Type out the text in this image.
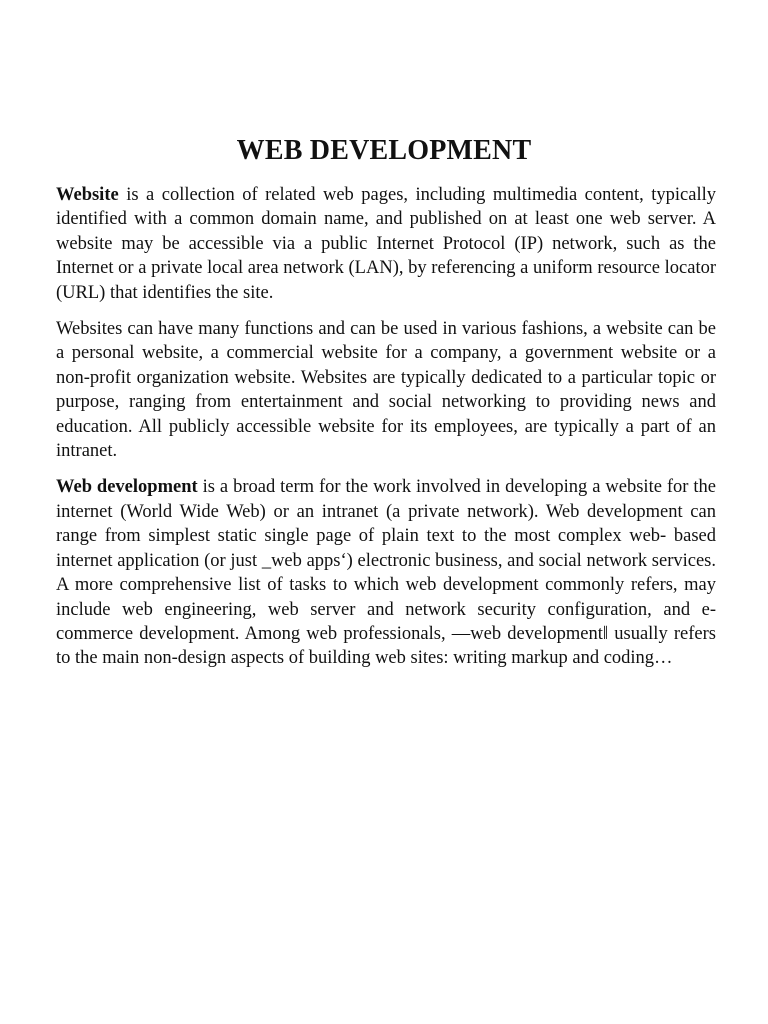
WEB DEVELOPMENT

Website is a collection of related web pages, including multimedia content, typically identified with a common domain name, and published on at least one web server. A website may be accessible via a public Internet Protocol (IP) network, such as the Internet or a private local area network (LAN), by referencing a uniform resource locator (URL) that identifies the site.

Websites can have many functions and can be used in various fashions, a website can be a personal website, a commercial website for a company, a government website or a non-profit organization website. Websites are typically dedicated to a particular topic or purpose, ranging from entertainment and social networking to providing news and education. All publicly accessible website for its employees, are typically a part of an intranet.

Web development is a broad term for the work involved in developing a website for the internet (World Wide Web) or an intranet (a private network). Web development can range from simplest static single page of plain text to the most complex web- based internet application (or just _web apps‘) electronic business, and social network services. A more comprehensive list of tasks to which web development commonly refers, may include web engineering, web server and network security configuration, and e-commerce development. Among web professionals, ―web development‖ usually refers to the main non-design aspects of building web sites: writing markup and coding…
